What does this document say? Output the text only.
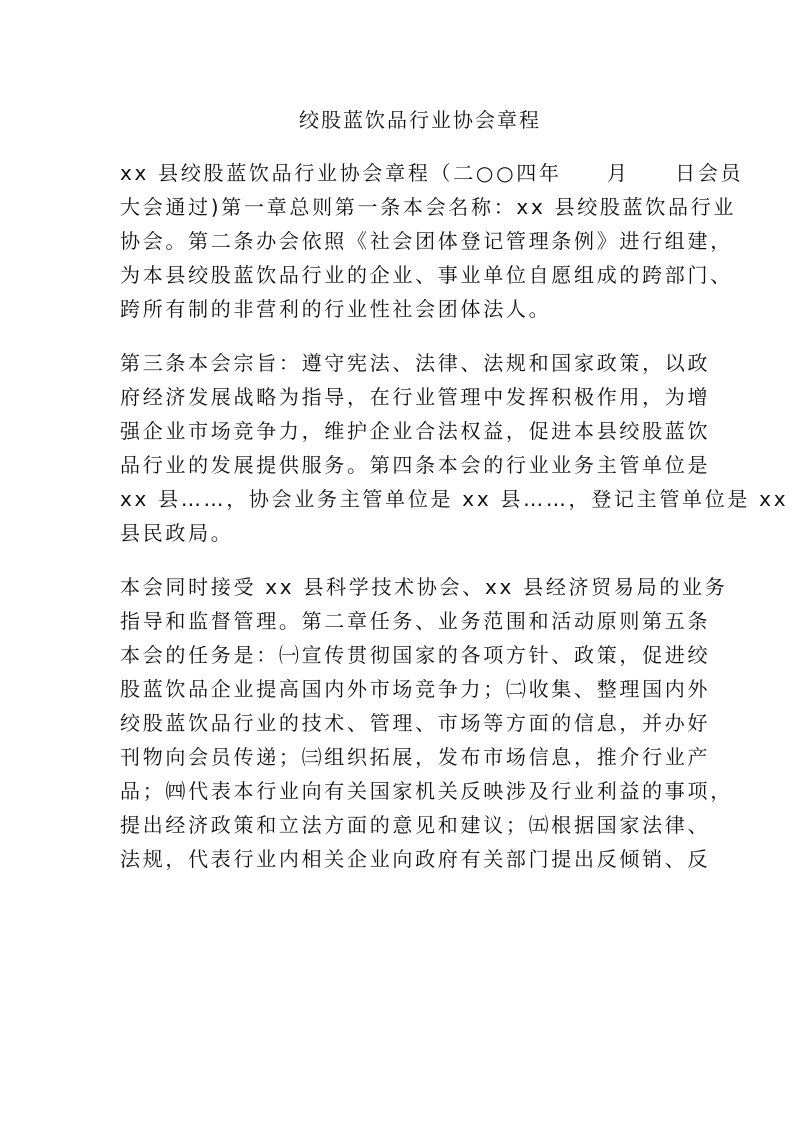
绞股蓝饮品行业协会章程
xx 县绞股蓝饮品行业协会章程（二○○四年　　月　　日会员
大会通过)第一章总则第一条本会名称：xx 县绞股蓝饮品行业
协会。第二条办会依照《社会团体登记管理条例》进行组建，
为本县绞股蓝饮品行业的企业、事业单位自愿组成的跨部门、
跨所有制的非营利的行业性社会团体法人。
第三条本会宗旨：遵守宪法、法律、法规和国家政策，以政
府经济发展战略为指导，在行业管理中发挥积极作用，为增
强企业市场竞争力，维护企业合法权益，促进本县绞股蓝饮
品行业的发展提供服务。第四条本会的行业业务主管单位是
xx 县……，协会业务主管单位是 xx 县……，登记主管单位是 xx
县民政局。
本会同时接受 xx 县科学技术协会、xx 县经济贸易局的业务
指导和监督管理。第二章任务、业务范围和活动原则第五条
本会的任务是：㈠宣传贯彻国家的各项方针、政策，促进绞
股蓝饮品企业提高国内外市场竞争力；㈡收集、整理国内外
绞股蓝饮品行业的技术、管理、市场等方面的信息，并办好
刊物向会员传递；㈢组织拓展，发布市场信息，推介行业产
品；㈣代表本行业向有关国家机关反映涉及行业利益的事项，
提出经济政策和立法方面的意见和建议；㈤根据国家法律、
法规，代表行业内相关企业向政府有关部门提出反倾销、反
